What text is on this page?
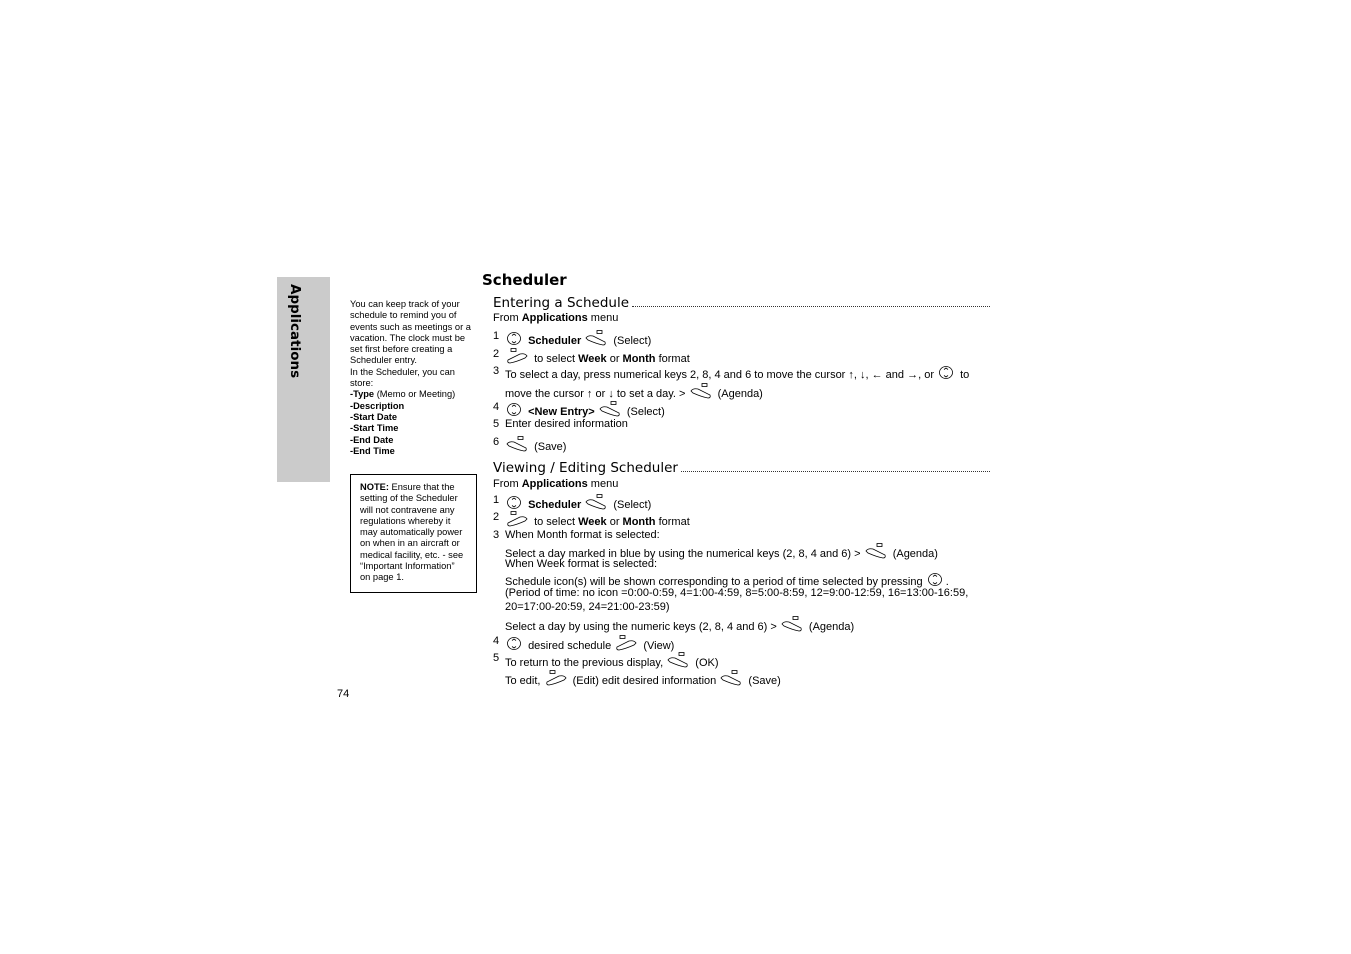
Applications
Scheduler
You can keep track of your
schedule to remind you of
events such as meetings or a
vacation. The clock must be
set first before creating a
Scheduler entry.
In the Scheduler, you can
store:
-Type (Memo or Meeting)
-Description
-Start Date
-Start Time
-End Date
-End Time
NOTE: Ensure that the
setting of the Scheduler
will not contravene any
regulations whereby it
may automatically power
on when in an aircraft or
medical facility, etc. - see
“Important Information”
on page 1.
Entering a Schedule
From Applications menu
1	Scheduler	(Select)
2	to select Week or Month format
3 To select a day, press numerical keys 2, 8, 4 and 6 to move the cursor ↑, ↓, ← and →, or to
move the cursor ↑ or ↓ to set a day. >	(Agenda)
4	<New Entry>	(Select)
5 Enter desired information
6	(Save)
Viewing / Editing Scheduler
From Applications menu
1	Scheduler	(Select)
2	to select Week or Month format
3 When Month format is selected:
Select a day marked in blue by using the numerical keys (2, 8, 4 and 6) >	(Agenda)
When Week format is selected:
Schedule icon(s) will be shown corresponding to a period of time selected by pressing .
(Period of time: no icon =0:00-0:59, 4=1:00-4:59, 8=5:00-8:59, 12=9:00-12:59, 16=13:00-16:59,
20=17:00-20:59, 24=21:00-23:59)
Select a day by using the numeric keys (2, 8, 4 and 6) >	(Agenda)
4	desired schedule	(View)
5 To return to the previous display,	(OK)
To edit,	(Edit) edit desired information	(Save)
74
